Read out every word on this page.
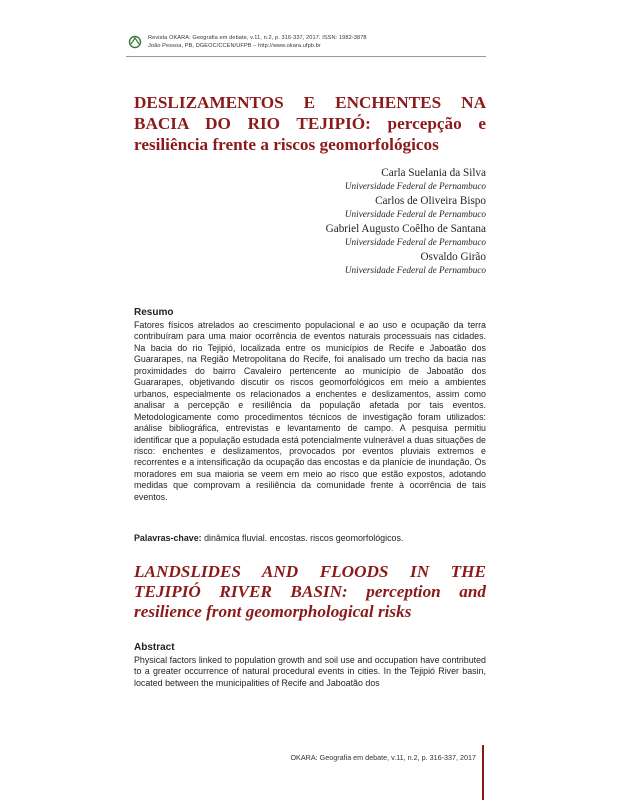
Revista OKARA: Geografia em debate, v.11, n.2, p. 316-337, 2017. ISSN: 1982-3878
João Pessoa, PB, DGEOC/CCEN/UFPB – http://www.okara.ufpb.br
DESLIZAMENTOS E ENCHENTES NA BACIA DO RIO TEJIPIÓ: percepção e resiliência frente a riscos geomorfológicos
Carla Suelania da Silva
Universidade Federal de Pernambuco
Carlos de Oliveira Bispo
Universidade Federal de Pernambuco
Gabriel Augusto Coêlho de Santana
Universidade Federal de Pernambuco
Osvaldo Girão
Universidade Federal de Pernambuco
Resumo

Fatores físicos atrelados ao crescimento populacional e ao uso e ocupação da terra contribuíram para uma maior ocorrência de eventos naturais processuais nas cidades. Na bacia do rio Tejipió, localizada entre os municípios de Recife e Jaboatão dos Guararapes, na Região Metropolitana do Recife, foi analisado um trecho da bacia nas proximidades do bairro Cavaleiro pertencente ao município de Jaboatão dos Guararapes, objetivando discutir os riscos geomorfológicos em meio a ambientes urbanos, especialmente os relacionados a enchentes e deslizamentos, assim como analisar a percepção e resiliência da população afetada por tais eventos. Metodologicamente como procedimentos técnicos de investigação foram utilizados: análise bibliográfica, entrevistas e levantamento de campo. A pesquisa permitiu identificar que a população estudada está potencialmente vulnerável a duas situações de risco: enchentes e deslizamentos, provocados por eventos pluviais extremos e recorrentes e a intensificação da ocupação das encostas e da planície de inundação. Os moradores em sua maioria se veem em meio ao risco que estão expostos, adotando medidas que comprovam a resiliência da comunidade frente à ocorrência de tais eventos.

Palavras-chave: dinâmica fluvial. encostas. riscos geomorfológicos.
LANDSLIDES AND FLOODS IN THE TEJIPIÓ RIVER BASIN: perception and resilience front geomorphological risks
Abstract

Physical factors linked to population growth and soil use and occupation have contributed to a greater occurrence of natural procedural events in cities. In the Tejipió River basin, located between the municipalities of Recife and Jaboatão dos

OKARA: Geografia em debate, v.11, n.2, p. 316-337, 2017
